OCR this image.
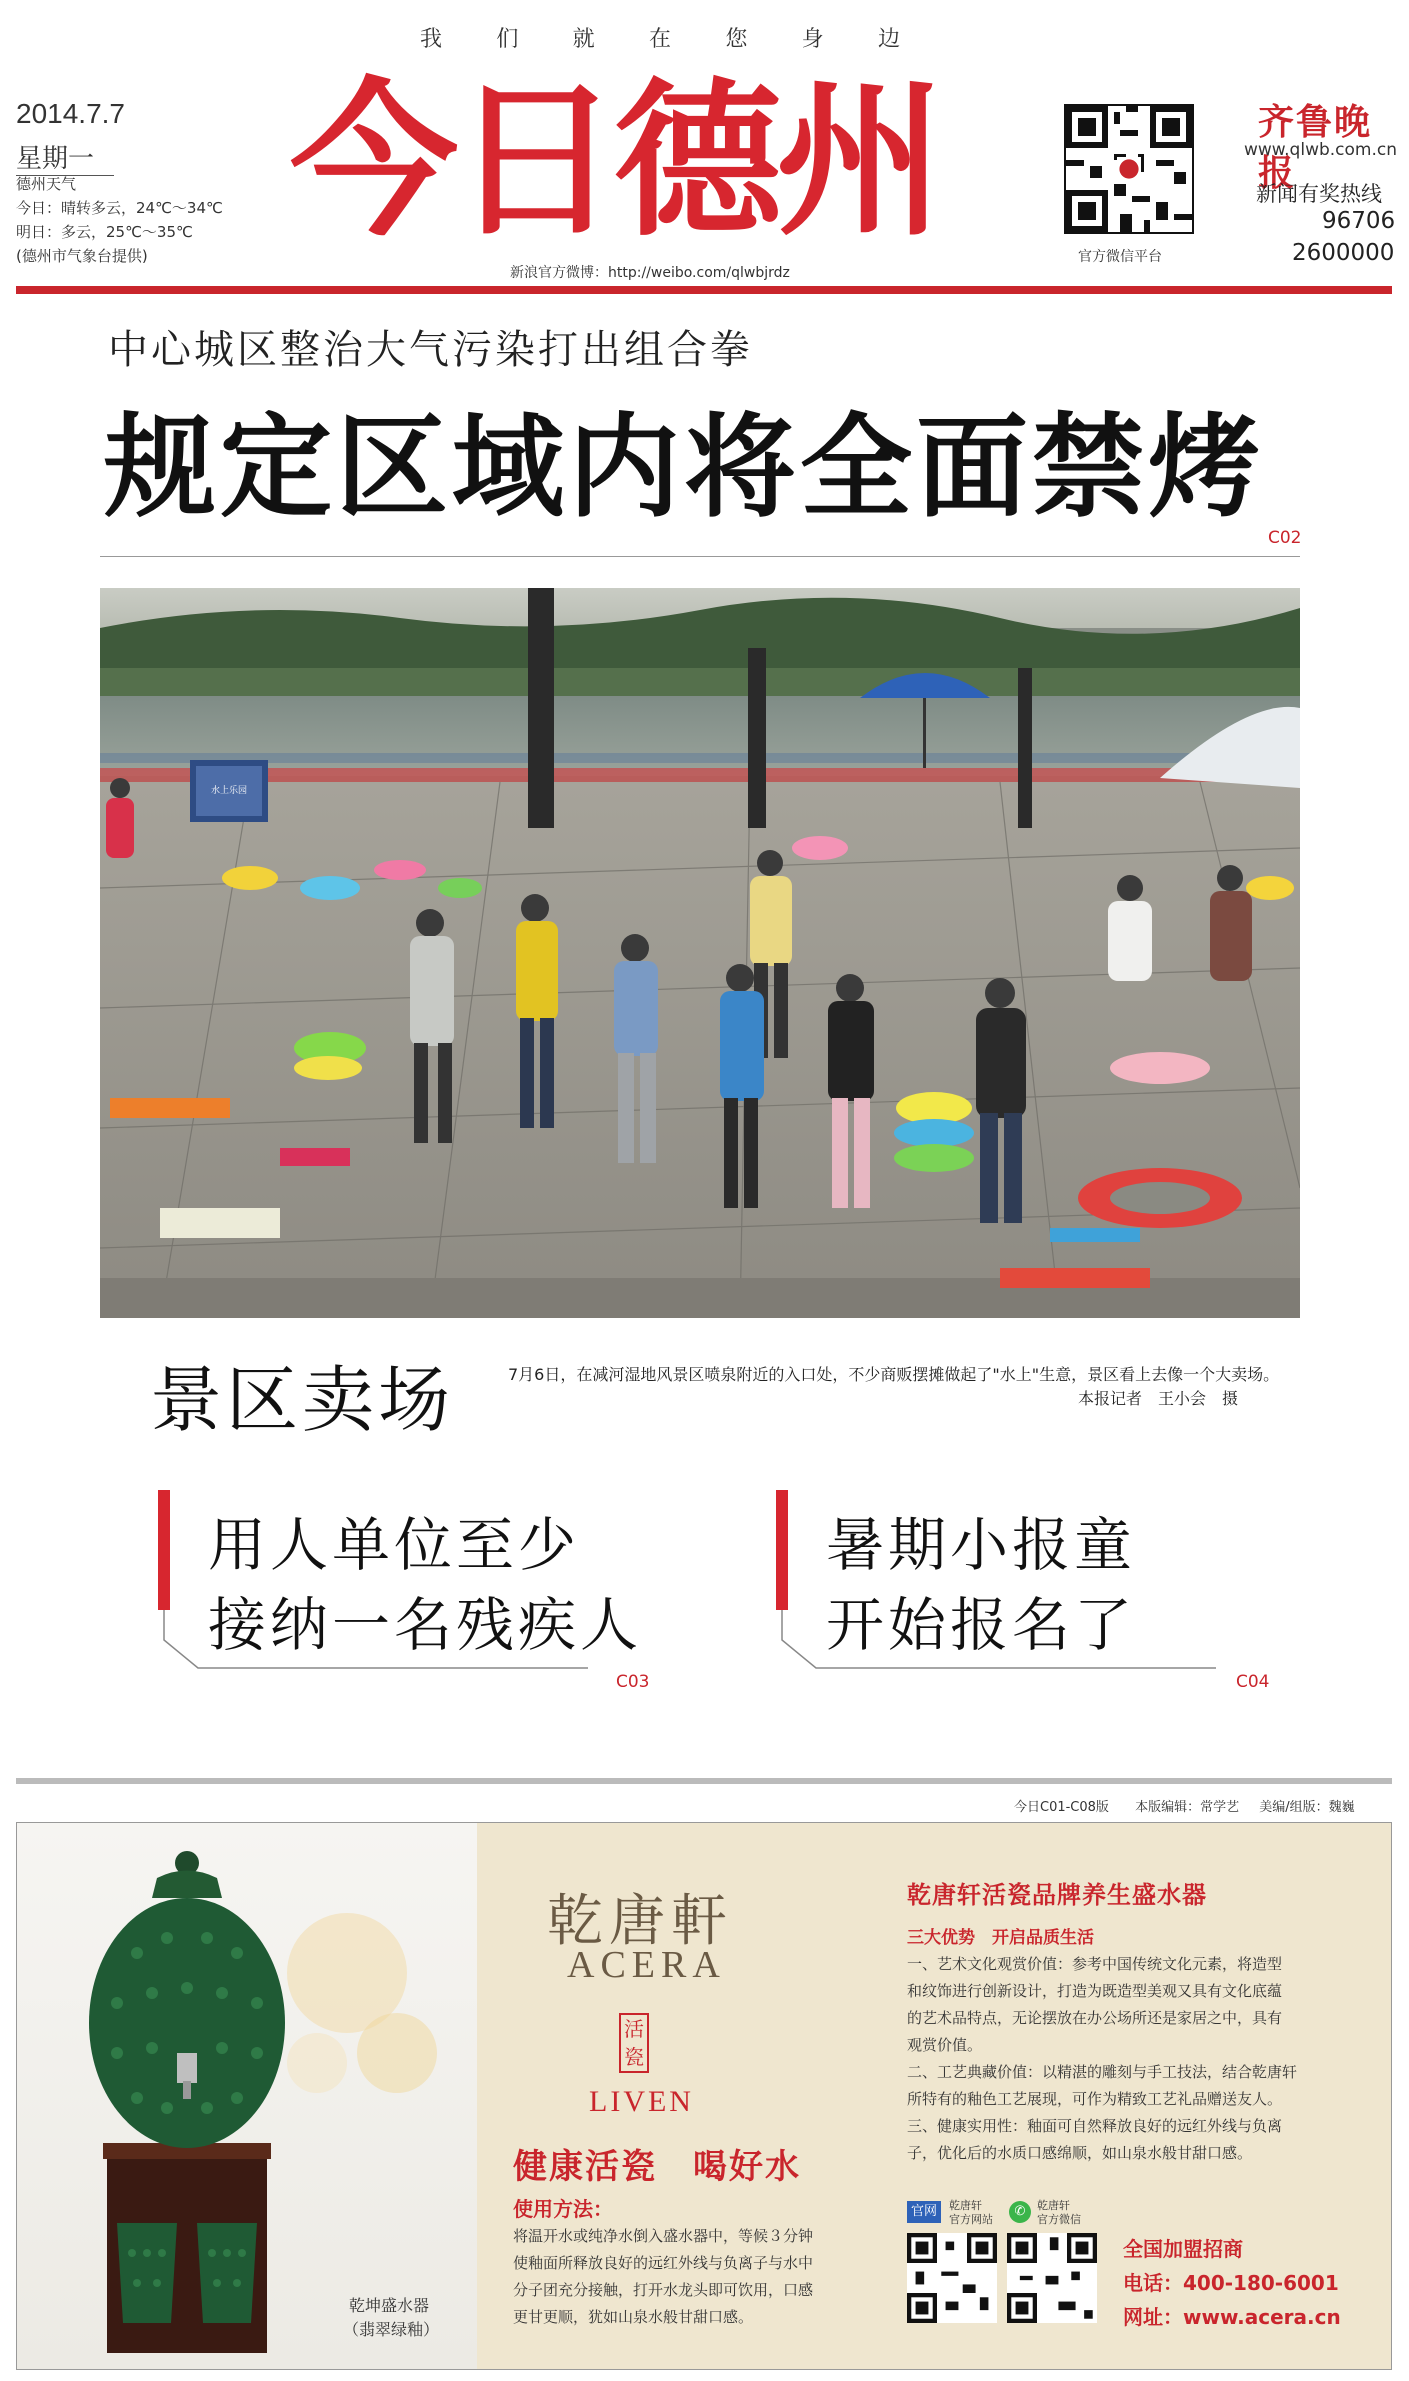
我 们 就 在 您 身 边
2014.7.7
星期一
德州天气
今日：晴转多云，24℃～34℃
明日：多云，25℃～35℃
(德州市气象台提供) 今日德州
新浪官方微博：http://weibo.com/qlwbjrdz
官方微信平台
齐鲁晚报
www.qlwb.com.cn
新闻有奖热线
96706
2600000
中心城区整治大气污染打出组合拳
规定区域内将全面禁烤
C02
水上乐园
景区卖场	7月6日，在减河湿地风景区喷泉附近的入口处，不少商贩摆摊做起了"水上"生意，景区看上去像一个大卖场。
本报记者　王小会　摄
用人单位至少
接纳一名残疾人
C03
暑期小报童
开始报名了
C04
今日C01-C08版 本版编辑：常学艺 美编/组版：魏巍
乾坤盛水器
（翡翠绿釉）
乾唐軒
ACERA
活瓷
LIVEN
健康活瓷　喝好水
使用方法：
将温开水或纯净水倒入盛水器中，等候３分钟
使釉面所释放良好的远红外线与负离子与水中
分子团充分接触，打开水龙头即可饮用，口感
更甘更顺，犹如山泉水般甘甜口感。
乾唐轩活瓷品牌养生盛水器
三大优势　开启品质生活
一、艺术文化观赏价值：参考中国传统文化元素，将造型
和纹饰进行创新设计，打造为既造型美观又具有文化底蕴
的艺术品特点，无论摆放在办公场所还是家居之中，具有
观赏价值。
二、工艺典藏价值：以精湛的雕刻与手工技法，结合乾唐轩
所特有的釉色工艺展现，可作为精致工艺礼品赠送友人。
三、健康实用性：釉面可自然释放良好的远红外线与负离
子，优化后的水质口感绵顺，如山泉水般甘甜口感。
官网	乾唐轩
官方网站
✆	乾唐轩
官方微信
全国加盟招商
电话：400-180-6001
网址：www.acera.cn
